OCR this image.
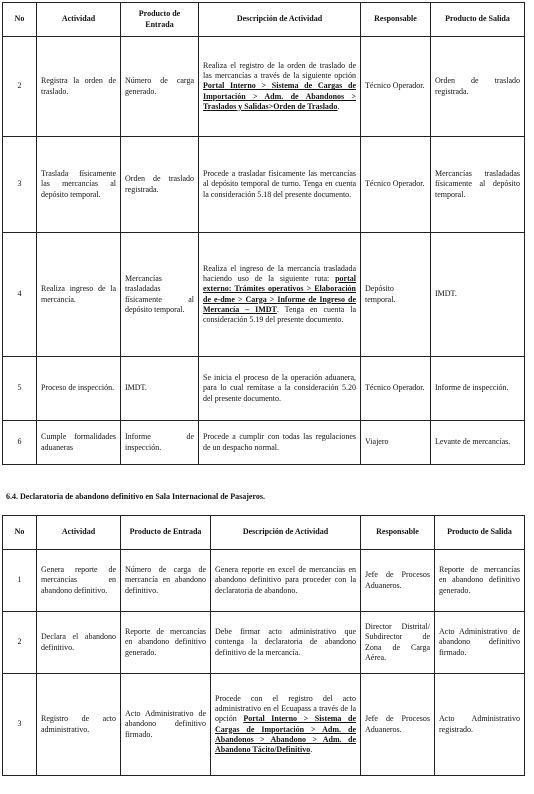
No	Actividad	Producto de Entrada	Descripción de Actividad	Responsable	Producto de Salida
2	Registra la orden de traslado.	Número de carga generado.	Realiza el registro de la orden de traslado de las mercancías a través de la siguiente opción Portal Interno > Sistema de Cargas de Importación > Adm. de Abandonos > Traslados y Salidas>Orden de Traslado.	Técnico Operador.	Orden de traslado registrada.
3	Traslada físicamente las mercancías al depósito temporal.	Orden de traslado registrada.	Procede a trasladar físicamente las mercancías al depósito temporal de turno. Tenga en cuenta la consideración 5.18 del presente documento.	Técnico Operador.	Mercancías trasladadas físicamente al depósito temporal.
4	Realiza ingreso de la mercancía.	Mercancías trasladadas físicamente al depósito temporal.	Realiza el ingreso de la mercancía trasladada haciendo uso de la siguiente ruta: portal externo: Trámites operativos > Elaboración de e-dme > Carga > Informe de Ingreso de Mercancía – IMDT. Tenga en cuenta la consideración 5.19 del presente documento.	Depósito temporal.	IMDT.
5	Proceso de inspección.	IMDT.	Se inicia el proceso de la operación aduanera, para lo cual remítase a la consideración 5.20 del presente documento.	Técnico Operador.	Informe de inspección.
6	Cumple formalidades aduaneras	Informe de inspección.	Procede a cumplir con todas las regulaciones de un despacho normal.	Viajero	Levante de mercancías.
6.4. Declaratoria de abandono definitivo en Sala Internacional de Pasajeros.
No	Actividad	Producto de Entrada	Descripción de Actividad	Responsable	Producto de Salida
1	Genera reporte de mercancías en abandono definitivo.	Número de carga de mercancía en abandono definitivo.	Genera reporte en excel de mercancías en abandono definitivo para proceder con la declaratoria de abandono.	Jefe de Procesos Aduaneros.	Reporte de mercancías en abandono definitivo generado.
2	Declara el abandono definitivo.	Reporte de mercancías en abandono definitivo generado.	Debe firmar acto administrativo que contenga la declaratoria de abandono definitivo de la mercancía.	Director Distrital/ Subdirector de Zona de Carga Aérea.	Acto Administrativo de abandono definitivo firmado.
3	Registro de acto administrativo.	Acto Administrativo de abandono definitivo firmado.	Procede con el registro del acto administrativo en el Ecuapass a través de la opción Portal Interno > Sistema de Cargas de Importación > Adm. de Abandonos > Abandono > Adm. de Abandono Tácito/Definitivo.	Jefe de Procesos Aduaneros.	Acto Administrativo registrado.
